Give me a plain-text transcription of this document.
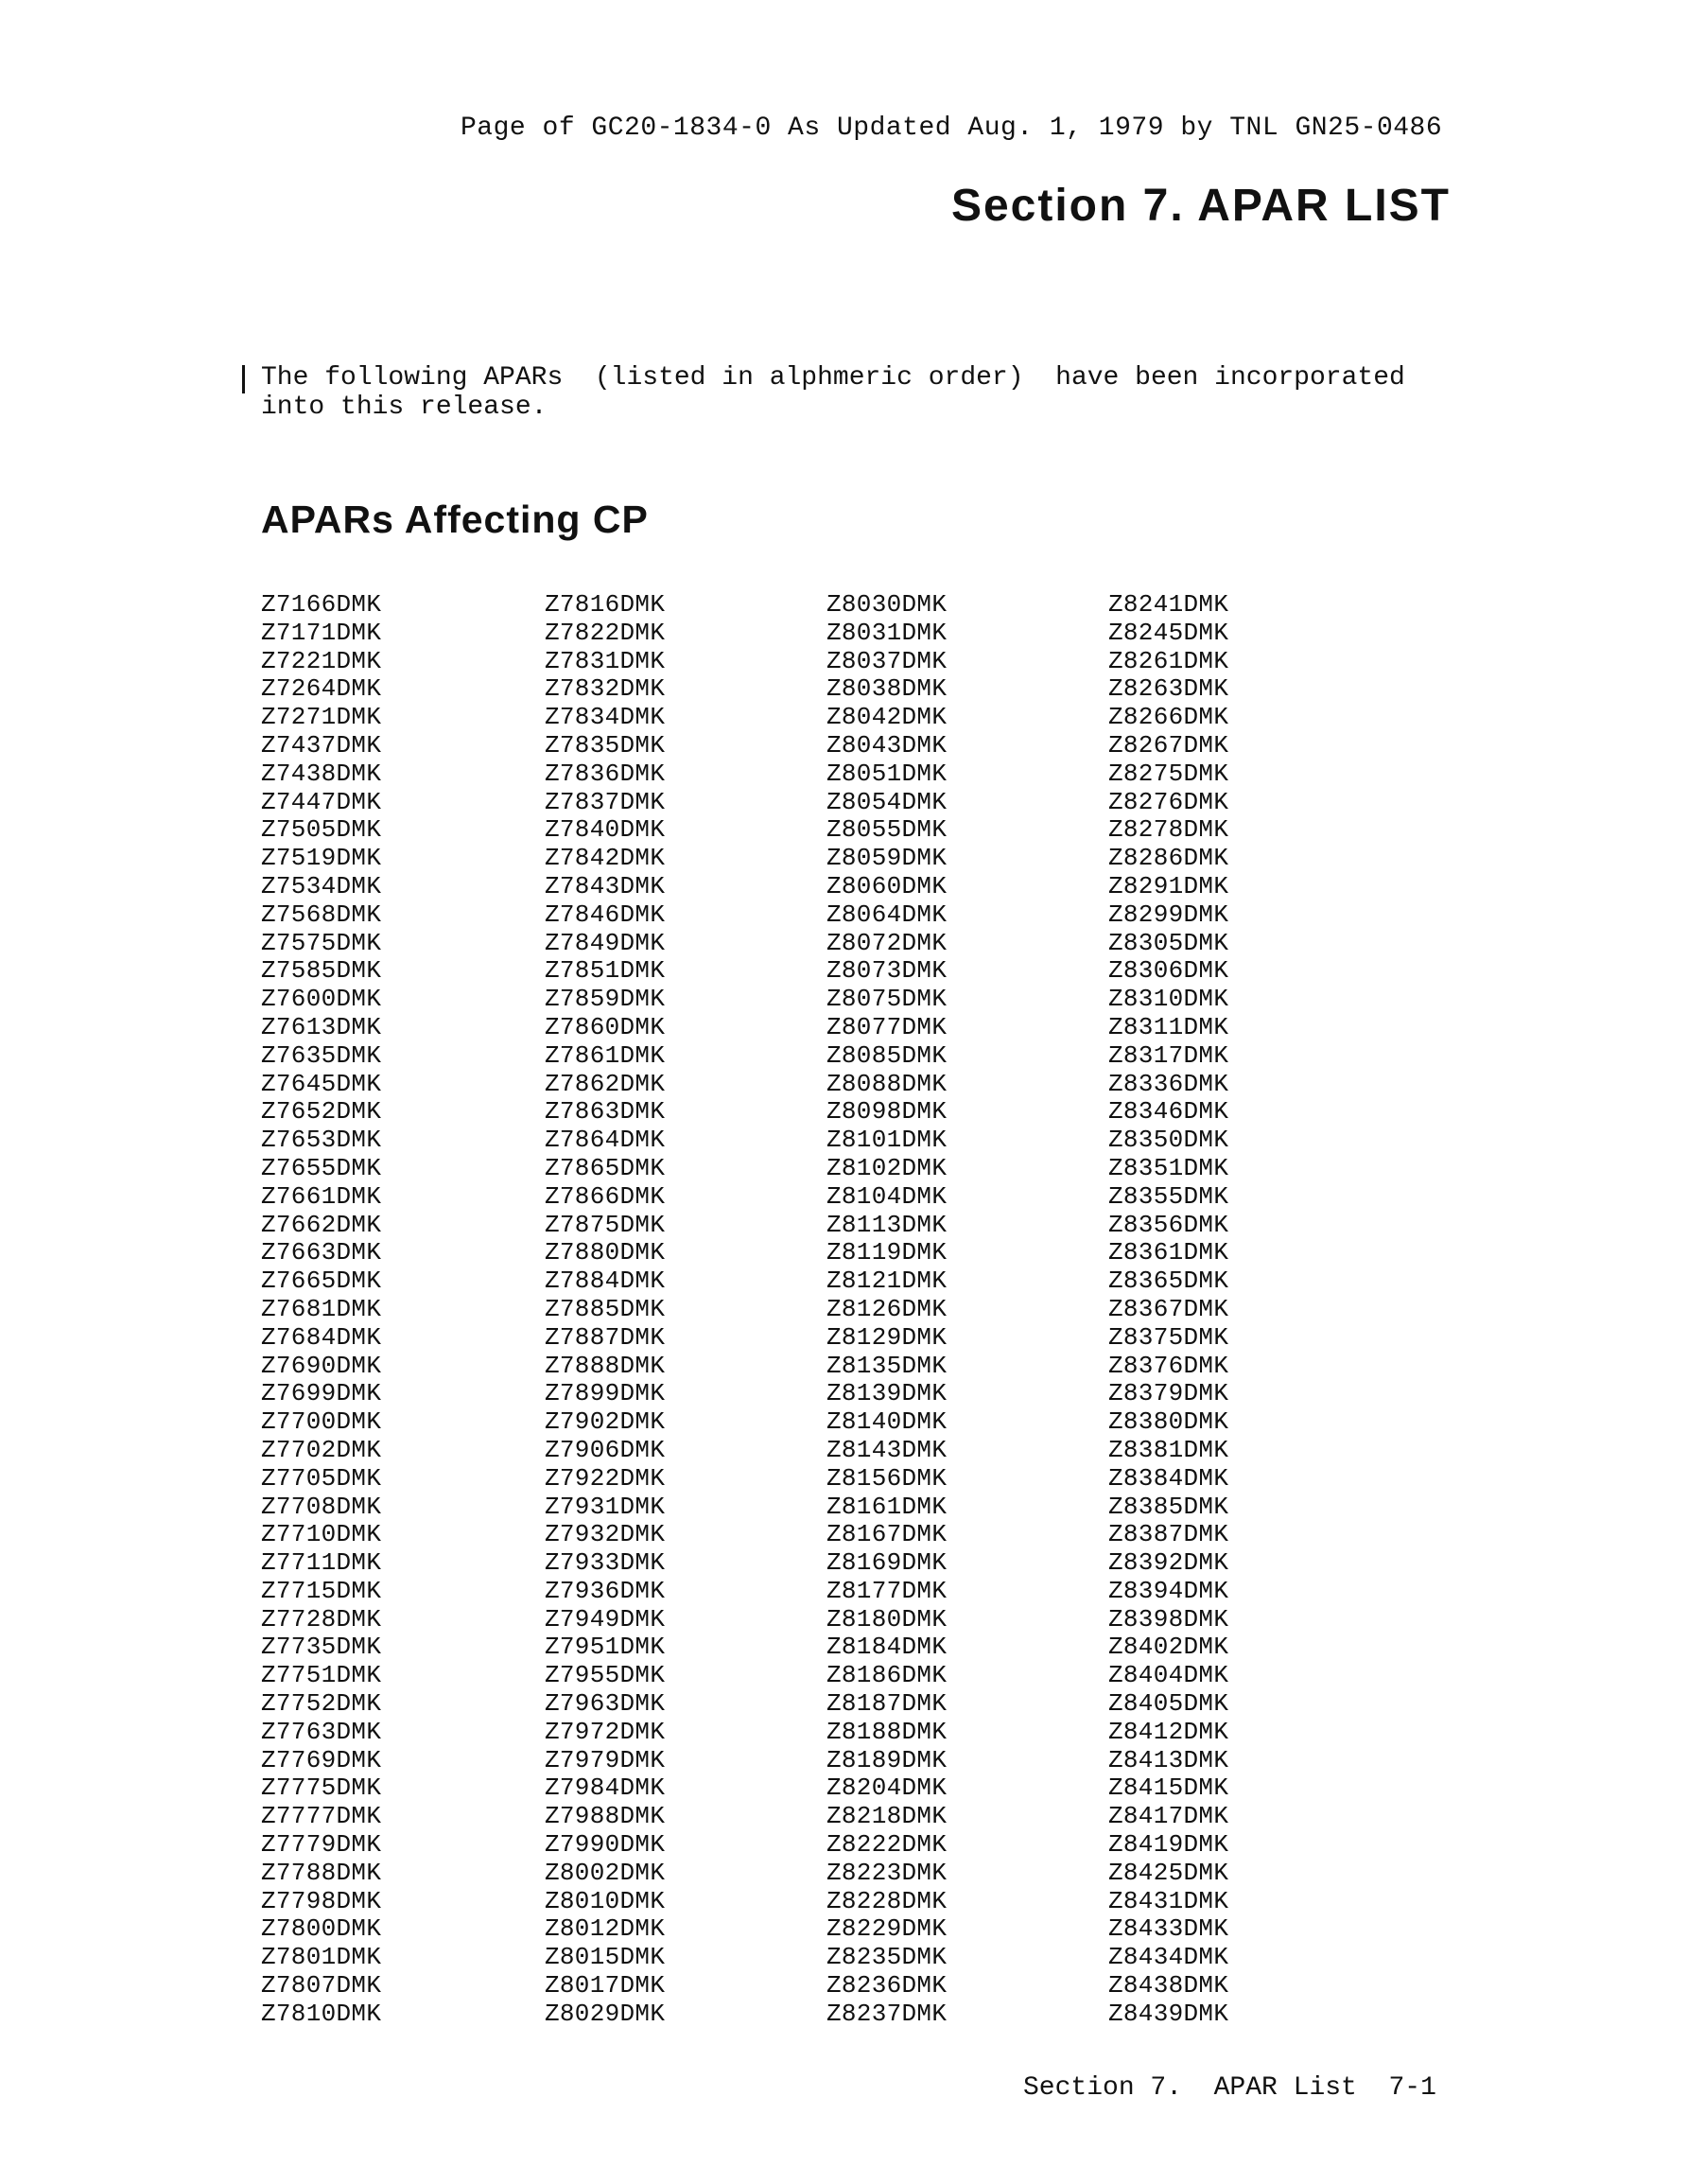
Page of GC20-1834-0 As Updated Aug. 1, 1979 by TNL GN25-0486
Section 7. APAR LIST
The following APARs  (listed in alphmeric order)  have been incorporated
into this release.
APARs Affecting CP
Z7166DMK
Z7171DMK
Z7221DMK
Z7264DMK
Z7271DMK
Z7437DMK
Z7438DMK
Z7447DMK
Z7505DMK
Z7519DMK
Z7534DMK
Z7568DMK
Z7575DMK
Z7585DMK
Z7600DMK
Z7613DMK
Z7635DMK
Z7645DMK
Z7652DMK
Z7653DMK
Z7655DMK
Z7661DMK
Z7662DMK
Z7663DMK
Z7665DMK
Z7681DMK
Z7684DMK
Z7690DMK
Z7699DMK
Z7700DMK
Z7702DMK
Z7705DMK
Z7708DMK
Z7710DMK
Z7711DMK
Z7715DMK
Z7728DMK
Z7735DMK
Z7751DMK
Z7752DMK
Z7763DMK
Z7769DMK
Z7775DMK
Z7777DMK
Z7779DMK
Z7788DMK
Z7798DMK
Z7800DMK
Z7801DMK
Z7807DMK
Z7810DMK
Z7816DMK
Z7822DMK
Z7831DMK
Z7832DMK
Z7834DMK
Z7835DMK
Z7836DMK
Z7837DMK
Z7840DMK
Z7842DMK
Z7843DMK
Z7846DMK
Z7849DMK
Z7851DMK
Z7859DMK
Z7860DMK
Z7861DMK
Z7862DMK
Z7863DMK
Z7864DMK
Z7865DMK
Z7866DMK
Z7875DMK
Z7880DMK
Z7884DMK
Z7885DMK
Z7887DMK
Z7888DMK
Z7899DMK
Z7902DMK
Z7906DMK
Z7922DMK
Z7931DMK
Z7932DMK
Z7933DMK
Z7936DMK
Z7949DMK
Z7951DMK
Z7955DMK
Z7963DMK
Z7972DMK
Z7979DMK
Z7984DMK
Z7988DMK
Z7990DMK
Z8002DMK
Z8010DMK
Z8012DMK
Z8015DMK
Z8017DMK
Z8029DMK
Z8030DMK
Z8031DMK
Z8037DMK
Z8038DMK
Z8042DMK
Z8043DMK
Z8051DMK
Z8054DMK
Z8055DMK
Z8059DMK
Z8060DMK
Z8064DMK
Z8072DMK
Z8073DMK
Z8075DMK
Z8077DMK
Z8085DMK
Z8088DMK
Z8098DMK
Z8101DMK
Z8102DMK
Z8104DMK
Z8113DMK
Z8119DMK
Z8121DMK
Z8126DMK
Z8129DMK
Z8135DMK
Z8139DMK
Z8140DMK
Z8143DMK
Z8156DMK
Z8161DMK
Z8167DMK
Z8169DMK
Z8177DMK
Z8180DMK
Z8184DMK
Z8186DMK
Z8187DMK
Z8188DMK
Z8189DMK
Z8204DMK
Z8218DMK
Z8222DMK
Z8223DMK
Z8228DMK
Z8229DMK
Z8235DMK
Z8236DMK
Z8237DMK
Z8241DMK
Z8245DMK
Z8261DMK
Z8263DMK
Z8266DMK
Z8267DMK
Z8275DMK
Z8276DMK
Z8278DMK
Z8286DMK
Z8291DMK
Z8299DMK
Z8305DMK
Z8306DMK
Z8310DMK
Z8311DMK
Z8317DMK
Z8336DMK
Z8346DMK
Z8350DMK
Z8351DMK
Z8355DMK
Z8356DMK
Z8361DMK
Z8365DMK
Z8367DMK
Z8375DMK
Z8376DMK
Z8379DMK
Z8380DMK
Z8381DMK
Z8384DMK
Z8385DMK
Z8387DMK
Z8392DMK
Z8394DMK
Z8398DMK
Z8402DMK
Z8404DMK
Z8405DMK
Z8412DMK
Z8413DMK
Z8415DMK
Z8417DMK
Z8419DMK
Z8425DMK
Z8431DMK
Z8433DMK
Z8434DMK
Z8438DMK
Z8439DMK
Section 7.  APAR List  7-1
